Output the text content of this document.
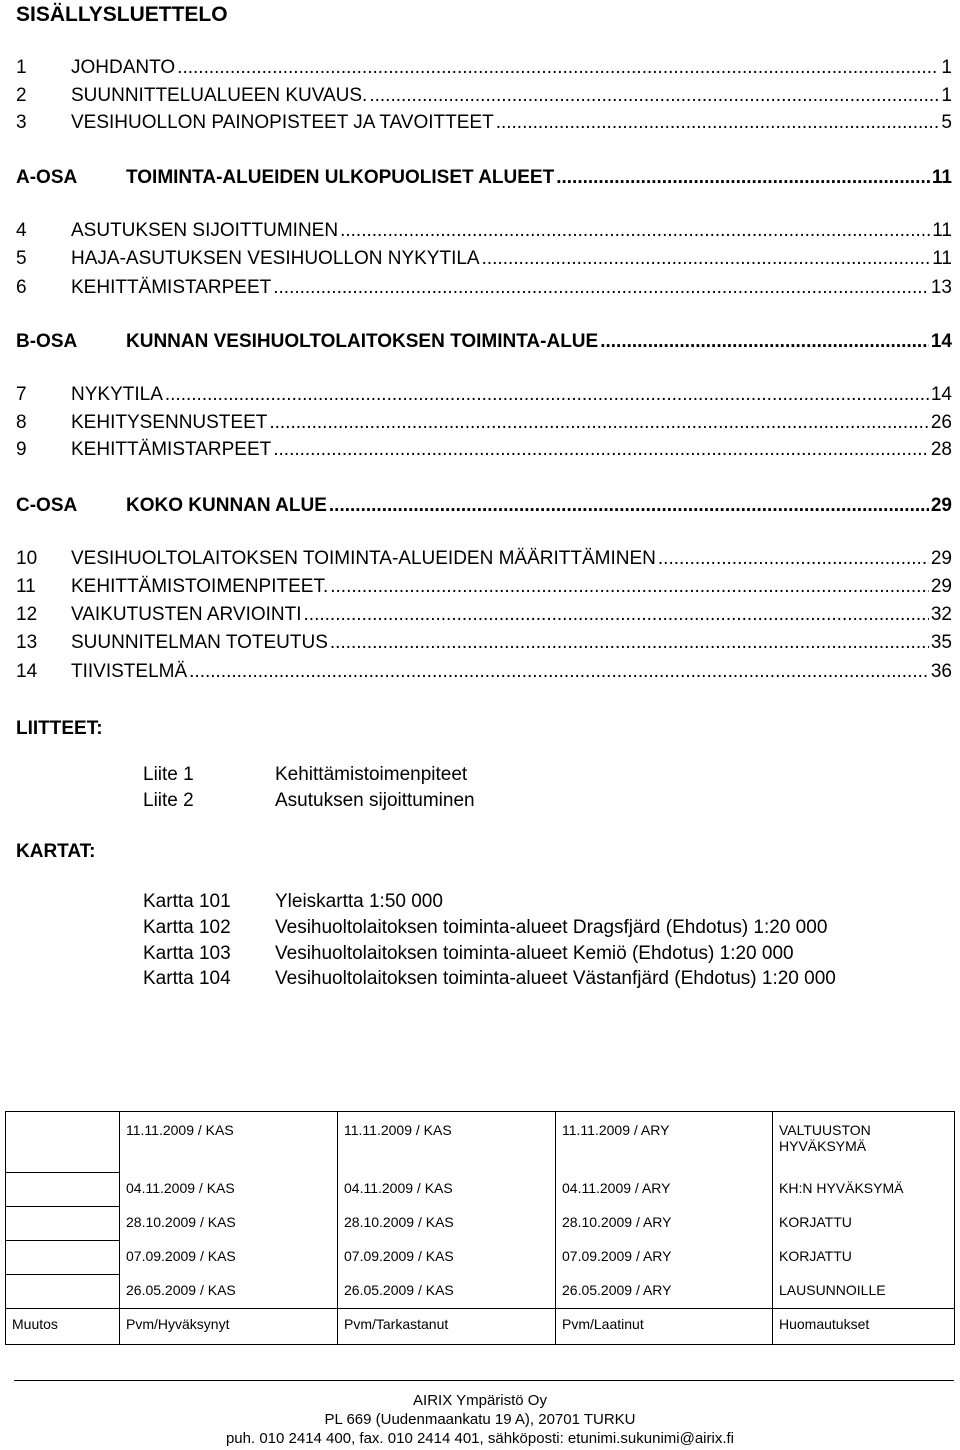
SISÄLLYSLUETTELO
1	JOHDANTO .....	1
2	SUUNNITTELUALUEEN KUVAUS. .....	1
3	VESIHUOLLON PAINOPISTEET JA TAVOITTEET .....	5
A-OSA	TOIMINTA-ALUEIDEN ULKOPUOLISET ALUEET .....	11
4	ASUTUKSEN SIJOITTUMINEN .....	11
5	HAJA-ASUTUKSEN VESIHUOLLON NYKYTILA .....	11
6	KEHITTÄMISTARPEET .....	13
B-OSA	KUNNAN VESIHUOLTOLAITOKSEN TOIMINTA-ALUE .....	14
7	NYKYTILA .....	14
8	KEHITYSENNUSTEET .....	26
9	KEHITTÄMISTARPEET .....	28
C-OSA	KOKO KUNNAN ALUE .....	29
10	VESIHUOLTOLAITOKSEN TOIMINTA-ALUEIDEN MÄÄRITTÄMINEN .....	29
11	KEHITTÄMISTOIMENPITEET. .....	29
12	VAIKUTUSTEN ARVIOINTI .....	32
13	SUUNNITELMAN TOTEUTUS .....	35
14	TIIVISTELMÄ .....	36
LIITTEET:
Liite 1	Kehittämistoimenpiteet
Liite 2	Asutuksen sijoittuminen
KARTAT:
Kartta 101	Yleiskartta 1:50 000
Kartta 102	Vesihuoltolaitoksen toiminta-alueet Dragsfjärd (Ehdotus) 1:20 000
Kartta 103	Vesihuoltolaitoksen toiminta-alueet Kemiö (Ehdotus) 1:20 000
Kartta 104	Vesihuoltolaitoksen toiminta-alueet Västanfjärd (Ehdotus) 1:20 000
	11.11.2009 / KAS	11.11.2009 / KAS	11.11.2009 / ARY	VALTUUSTON HYVÄKSYMÄ
	04.11.2009 / KAS	04.11.2009 / KAS	04.11.2009 / ARY	KH:N HYVÄKSYMÄ
	28.10.2009 / KAS	28.10.2009 / KAS	28.10.2009 / ARY	KORJATTU
	07.09.2009 / KAS	07.09.2009 / KAS	07.09.2009 / ARY	KORJATTU
	26.05.2009 / KAS	26.05.2009 / KAS	26.05.2009 / ARY	LAUSUNNOILLE
Muutos	Pvm/Hyväksynyt	Pvm/Tarkastanut	Pvm/Laatinut	Huomautukset
AIRIX Ympäristö Oy
PL 669 (Uudenmaankatu 19 A), 20701 TURKU
puh. 010 2414 400, fax. 010 2414 401, sähköposti: etunimi.sukunimi@airix.fi
